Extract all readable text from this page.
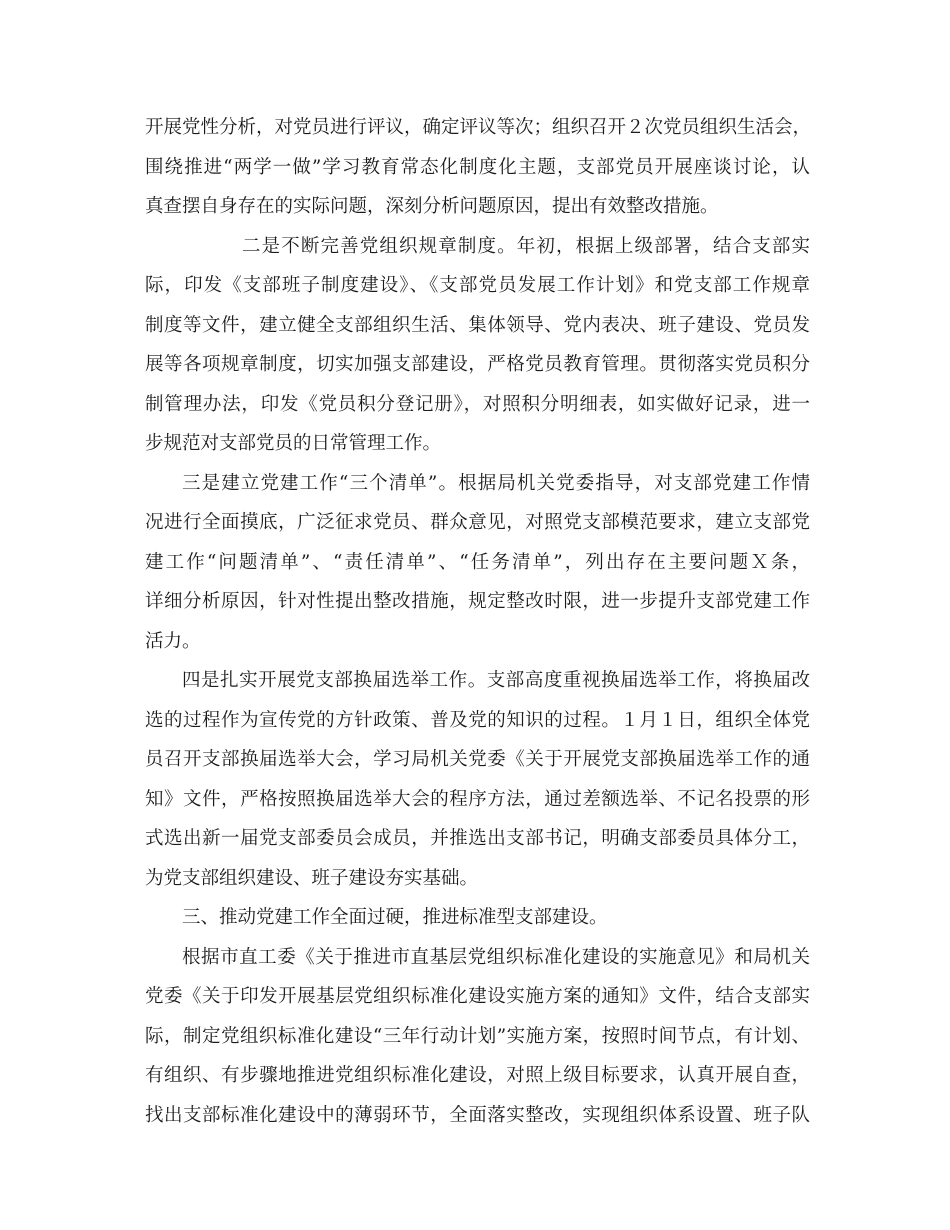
开展党性分析，对党员进行评议，确定评议等次；组织召开２次党员组织生活会，
围绕推进“两学一做”学习教育常态化制度化主题，支部党员开展座谈讨论，认
真查摆自身存在的实际问题，深刻分析问题原因，提出有效整改措施。
二是不断完善党组织规章制度。年初，根据上级部署，结合支部实
际，印发《支部班子制度建设》、《支部党员发展工作计划》和党支部工作规章
制度等文件，建立健全支部组织生活、集体领导、党内表决、班子建设、党员发
展等各项规章制度，切实加强支部建设，严格党员教育管理。贯彻落实党员积分
制管理办法，印发《党员积分登记册》，对照积分明细表，如实做好记录，进一
步规范对支部党员的日常管理工作。
三是建立党建工作“三个清单”。根据局机关党委指导，对支部党建工作情
况进行全面摸底，广泛征求党员、群众意见，对照党支部模范要求，建立支部党
建工作“问题清单”、“责任清单”、“任务清单”，列出存在主要问题Ｘ条，
详细分析原因，针对性提出整改措施，规定整改时限，进一步提升支部党建工作
活力。
四是扎实开展党支部换届选举工作。支部高度重视换届选举工作，将换届改
选的过程作为宣传党的方针政策、普及党的知识的过程。１月１日，组织全体党
员召开支部换届选举大会，学习局机关党委《关于开展党支部换届选举工作的通
知》文件，严格按照换届选举大会的程序方法，通过差额选举、不记名投票的形
式选出新一届党支部委员会成员，并推选出支部书记，明确支部委员具体分工，
为党支部组织建设、班子建设夯实基础。
三、推动党建工作全面过硬，推进标准型支部建设。
根据市直工委《关于推进市直基层党组织标准化建设的实施意见》和局机关
党委《关于印发开展基层党组织标准化建设实施方案的通知》文件，结合支部实
际，制定党组织标准化建设“三年行动计划”实施方案，按照时间节点，有计划、
有组织、有步骤地推进党组织标准化建设，对照上级目标要求，认真开展自查，
找出支部标准化建设中的薄弱环节，全面落实整改，实现组织体系设置、班子队
